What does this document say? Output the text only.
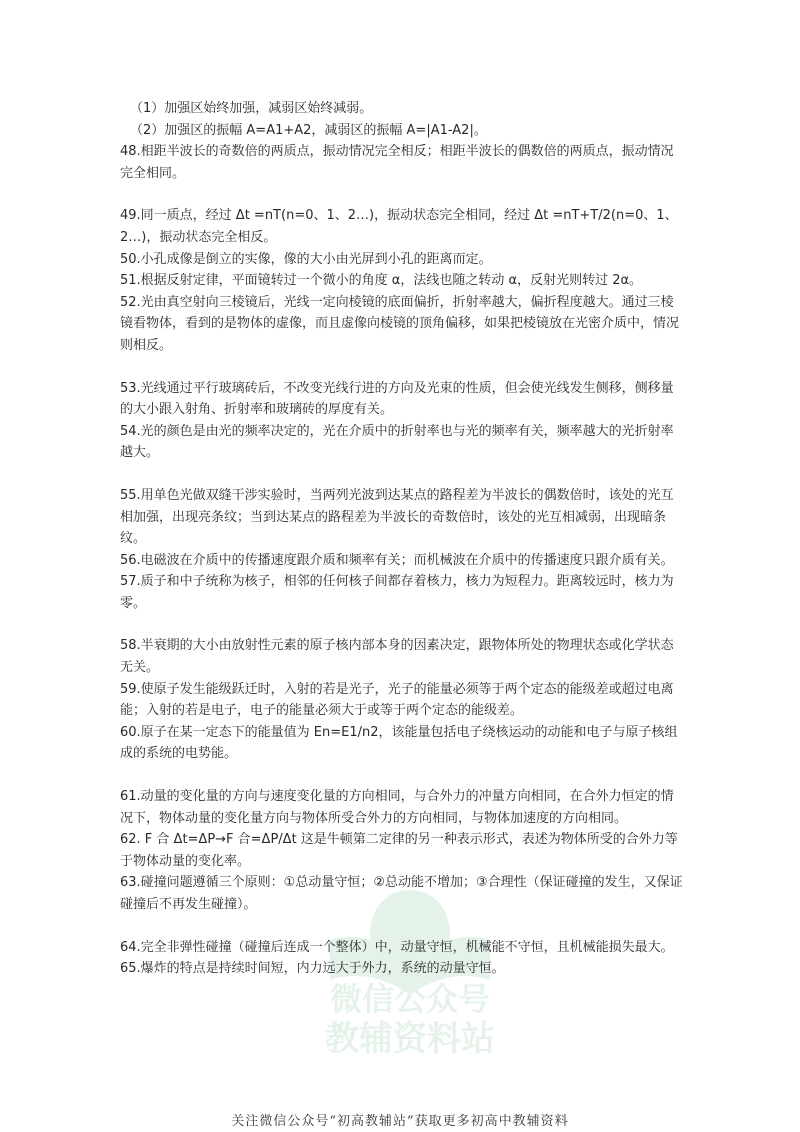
微信公众号
教辅资料站

（1）加强区始终加强，减弱区始终减弱。

（2）加强区的振幅 A=A1+A2，减弱区的振幅 A=|A1-A2|。

48.相距半波长的奇数倍的两质点，振动情况完全相反；相距半波长的偶数倍的两质点，振动情况完全相同。

49.同一质点，经过 Δt =nT(n=0、1、2…)，振动状态完全相同，经过 Δt =nT+T/2(n=0、1、2…)，振动状态完全相反。

50.小孔成像是倒立的实像，像的大小由光屏到小孔的距离而定。

51.根据反射定律，平面镜转过一个微小的角度 α，法线也随之转动 α，反射光则转过 2α。

52.光由真空射向三棱镜后，光线一定向棱镜的底面偏折，折射率越大，偏折程度越大。通过三棱镜看物体，看到的是物体的虚像，而且虚像向棱镜的顶角偏移，如果把棱镜放在光密介质中，情况则相反。

53.光线通过平行玻璃砖后，不改变光线行进的方向及光束的性质，但会使光线发生侧移，侧移量的大小跟入射角、折射率和玻璃砖的厚度有关。

54.光的颜色是由光的频率决定的，光在介质中的折射率也与光的频率有关，频率越大的光折射率越大。

55.用单色光做双缝干涉实验时，当两列光波到达某点的路程差为半波长的偶数倍时，该处的光互相加强，出现亮条纹；当到达某点的路程差为半波长的奇数倍时，该处的光互相减弱，出现暗条纹。

56.电磁波在介质中的传播速度跟介质和频率有关；而机械波在介质中的传播速度只跟介质有关。

57.质子和中子统称为核子，相邻的任何核子间都存着核力，核力为短程力。距离较远时，核力为零。

58.半衰期的大小由放射性元素的原子核内部本身的因素决定，跟物体所处的物理状态或化学状态无关。

59.使原子发生能级跃迁时，入射的若是光子，光子的能量必须等于两个定态的能级差或超过电离能；入射的若是电子，电子的能量必须大于或等于两个定态的能级差。

60.原子在某一定态下的能量值为 En=E1/n2，该能量包括电子绕核运动的动能和电子与原子核组成的系统的电势能。

61.动量的变化量的方向与速度变化量的方向相同，与合外力的冲量方向相同，在合外力恒定的情况下，物体动量的变化量方向与物体所受合外力的方向相同，与物体加速度的方向相同。

62. F 合 Δt=ΔP→F 合=ΔP/Δt 这是牛顿第二定律的另一种表示形式，表述为物体所受的合外力等于物体动量的变化率。

63.碰撞问题遵循三个原则：①总动量守恒；②总动能不增加；③合理性（保证碰撞的发生，又保证碰撞后不再发生碰撞）。

64.完全非弹性碰撞（碰撞后连成一个整体）中，动量守恒，机械能不守恒，且机械能损失最大。

65.爆炸的特点是持续时间短，内力远大于外力，系统的动量守恒。

关注微信公众号“初高教辅站”获取更多初高中教辅资料
